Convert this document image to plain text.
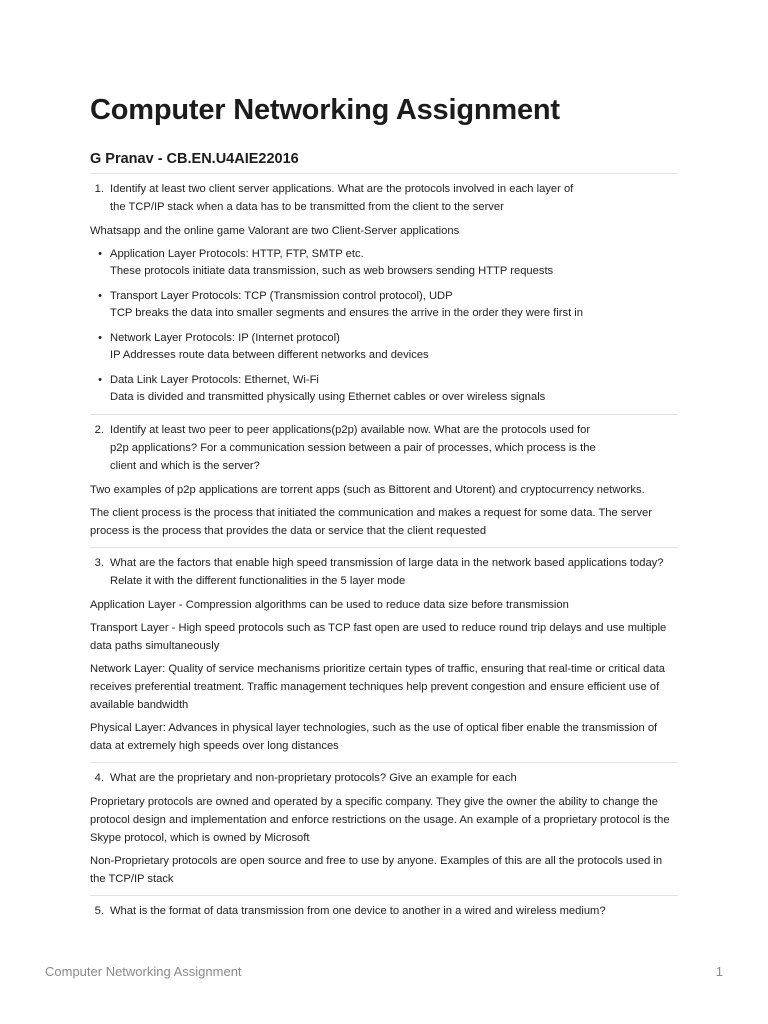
Computer Networking Assignment
G Pranav - CB.EN.U4AIE22016
1. Identify at least two client server applications. What are the protocols involved in each layer of the TCP/IP stack when a data has to be transmitted from the client to the server
Whatsapp and the online game Valorant are two Client-Server applications
• Application Layer Protocols: HTTP, FTP, SMTP etc.
These protocols initiate data transmission, such as web browsers sending HTTP requests
• Transport Layer Protocols: TCP (Transmission control protocol), UDP
TCP breaks the data into smaller segments and ensures the arrive in the order they were first in
• Network Layer Protocols: IP (Internet protocol)
IP Addresses route data between different networks and devices
• Data Link Layer Protocols: Ethernet, Wi-Fi
Data is divided and transmitted physically using Ethernet cables or over wireless signals
2. Identify at least two peer to peer applications(p2p) available now. What are the protocols used for p2p applications? For a communication session between a pair of processes, which process is the client and which is the server?
Two examples of p2p applications are torrent apps (such as Bittorent and Utorent) and cryptocurrency networks.
The client process is the process that initiated the communication and makes a request for some data. The server process is the process that provides the data or service that the client requested
3. What are the factors that enable high speed transmission of large data in the network based applications today? Relate it with the different functionalities in the 5 layer mode
Application Layer - Compression algorithms can be used to reduce data size before transmission
Transport Layer - High speed protocols such as TCP fast open are used to reduce round trip delays and use multiple data paths simultaneously
Network Layer: Quality of service mechanisms prioritize certain types of traffic, ensuring that real-time or critical data receives preferential treatment. Traffic management techniques help prevent congestion and ensure efficient use of available bandwidth
Physical Layer: Advances in physical layer technologies, such as the use of optical fiber enable the transmission of data at extremely high speeds over long distances
4. What are the proprietary and non-proprietary protocols? Give an example for each
Proprietary protocols are owned and operated by a specific company. They give the owner the ability to change the protocol design and implementation and enforce restrictions on the usage. An example of a proprietary protocol is the Skype protocol, which is owned by Microsoft
Non-Proprietary protocols are open source and free to use by anyone. Examples of this are all the protocols used in the TCP/IP stack
5. What is the format of data transmission from one device to another in a wired and wireless medium?
Computer Networking Assignment	1
